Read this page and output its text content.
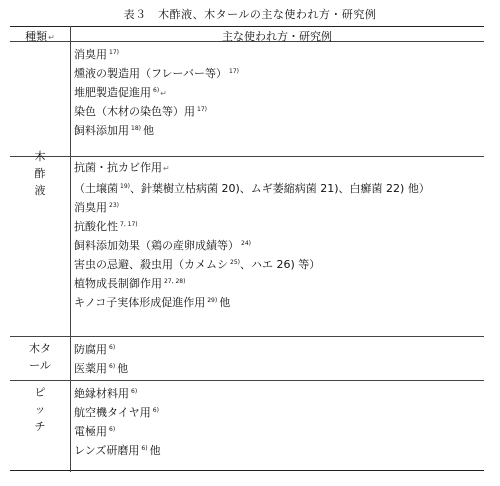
表３　木酢液、木タールの主な使われ方・研究例
種類↵	主な使われ方・研究例
木
酢
液
消臭用 $^{17)}$
燻液の製造用（フレーバー等） $^{17)}$
堆肥製造促進用 $^{6)}$↵
染色（木材の染色等）用 $^{17)}$
飼料添加用 $^{18)}$ 他
抗菌・抗カビ作用↵
（土壌菌 $^{19)}$、針葉樹立枯病菌 20)、ムギ萎縮病菌 21)、白癬菌 22) 他）
消臭用 $^{23)}$
抗酸化性 $^{7, 17)}$
飼料添加効果（鶏の産卵成績等） $^{24)}$
害虫の忌避、殺虫用（カメムシ $^{25)}$、ハエ 26) 等）
植物成長制御作用 $^{27, 28)}$
キノコ子実体形成促進作用 $^{29)}$ 他
木タ
ール
防腐用 $^{6)}$
医薬用 $^{6)}$ 他
ピ
ッ
チ
絶縁材料用 $^{6)}$
航空機タイヤ用 $^{6)}$
電極用 $^{6)}$
レンズ研磨用 $^{6)}$ 他
